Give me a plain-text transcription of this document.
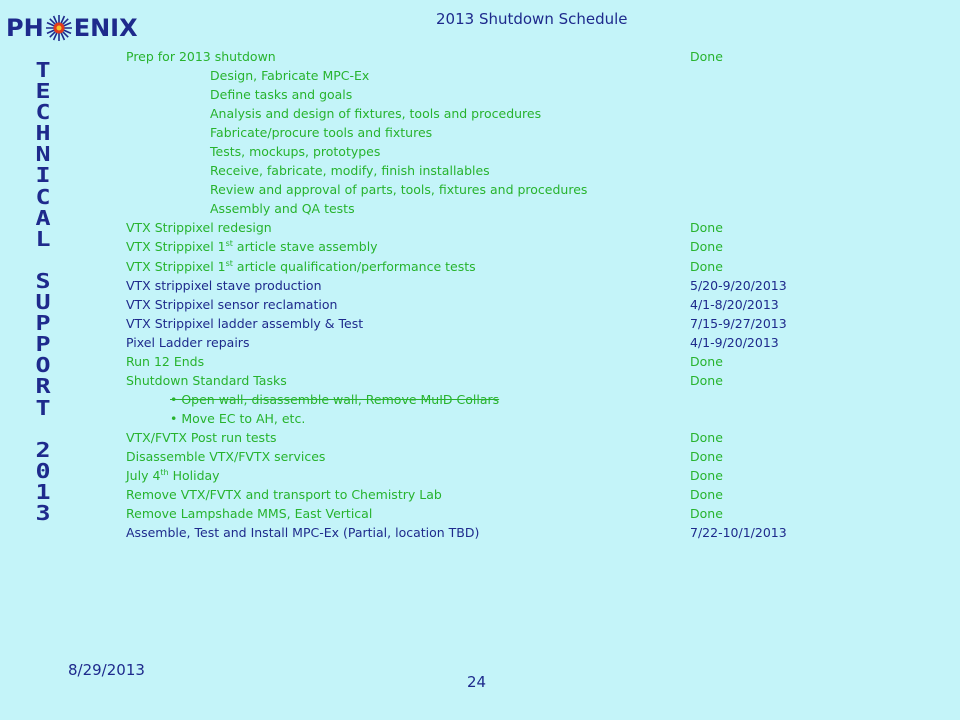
PH ENIX	2013 Shutdown Schedule
T
E
C
H
N
I
C
A
L
S
U
P
P
O
R
T
2
0
1
3
Prep for 2013 shutdown	Done
Design, Fabricate MPC-Ex
Define tasks and goals
Analysis and design of fixtures, tools and procedures
Fabricate/procure tools and fixtures
Tests, mockups, prototypes
Receive, fabricate, modify, finish installables
Review and approval of parts, tools, fixtures and procedures
Assembly and QA tests
VTX Strippixel redesign	Done
VTX Strippixel 1st article stave assembly	Done
VTX Strippixel 1st article qualification/performance tests	Done
VTX strippixel stave production	5/20-9/20/2013
VTX Strippixel sensor reclamation	4/1-8/20/2013
VTX Strippixel ladder assembly & Test	7/15-9/27/2013
Pixel Ladder repairs	4/1-9/20/2013
Run 12 Ends	Done
Shutdown Standard Tasks	Done
• Open wall, disassemble wall, Remove MuID Collars
• Move EC to AH, etc.
VTX/FVTX Post run tests	Done
Disassemble VTX/FVTX services	Done
July 4th Holiday	Done
Remove VTX/FVTX and transport to Chemistry Lab	Done
Remove Lampshade MMS, East Vertical	Done
Assemble, Test and Install MPC-Ex (Partial, location TBD)	7/22-10/1/2013
8/29/2013
24
